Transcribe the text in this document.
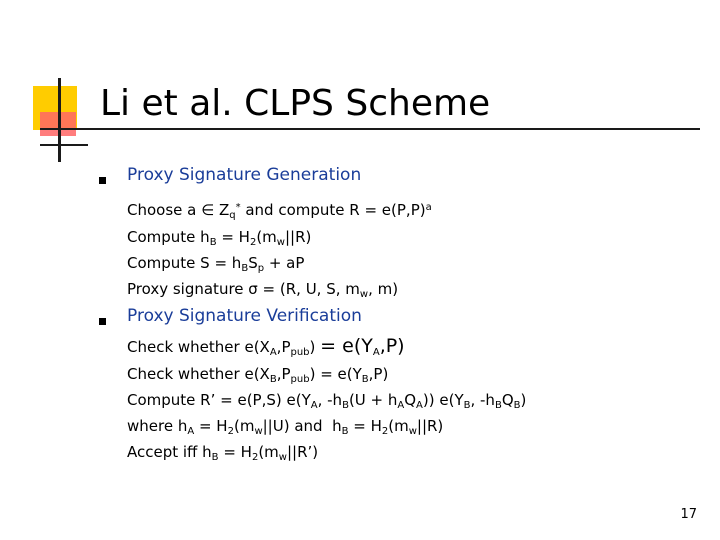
Li et al. CLPS Scheme
Proxy Signature Generation
Choose a ∈ $Z_q^*$ and compute $R = e(P,P)^a$
Compute $h_B = H_2(m_w||R)$
Compute $S = h_BS_p$ + aP
Proxy signature σ = (R, U, S, $m_w$, m)
Proxy Signature Verification
Check whether $e(X_A,P_{pub}) = e(Y_A,P)$
Check whether $e(X_B,P_{pub}) = e(Y_B,P)$
Compute R’ = e(P,S) $e(Y_A$, $-h_B(U + h_AQ_A)$) $e(Y_B$, $-h_BQ_B$)
where $h_A = H_2(m_w||U)$ and  $h_B = H_2(m_w||R)$
Accept iff $h_B$ = $H_2(m_w||R’)$
17
